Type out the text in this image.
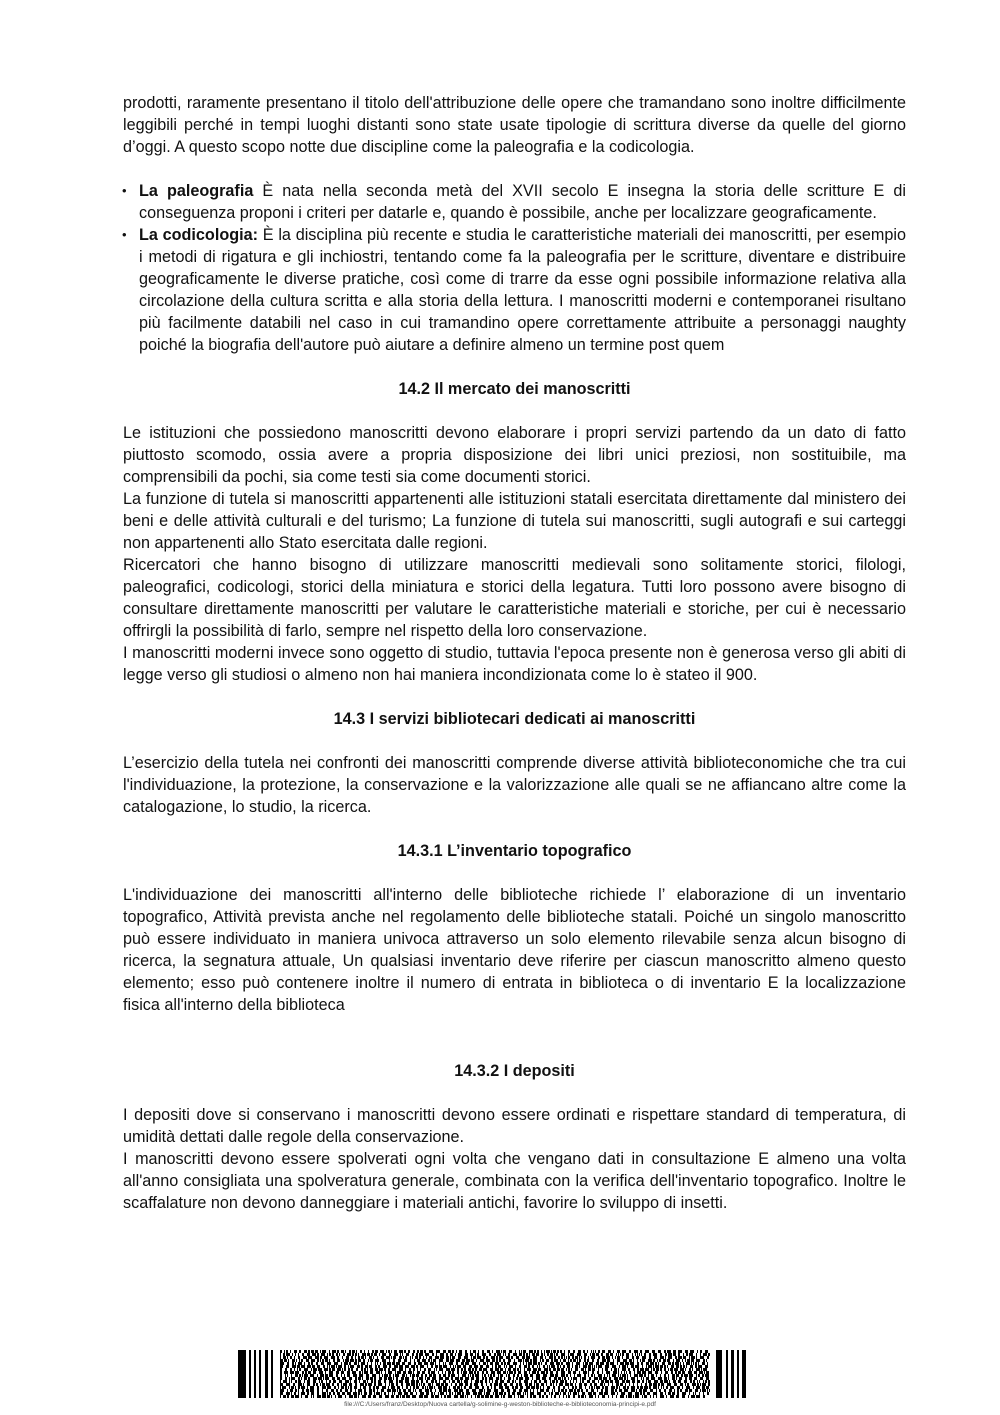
prodotti, raramente presentano il titolo dell'attribuzione delle opere che tramandano sono inoltre difficilmente leggibili perché in tempi luoghi distanti sono state usate tipologie di scrittura diverse da quelle del giorno d’oggi. A questo scopo notte due discipline come la paleografia e la codicologia.

• La paleografia È nata nella seconda metà del XVII secolo E insegna la storia delle scritture E di conseguenza proponi i criteri per datarle e, quando è possibile, anche per localizzare geograficamente.
• La codicologia: È la disciplina più recente e studia le caratteristiche materiali dei manoscritti, per esempio i metodi di rigatura e gli inchiostri, tentando come fa la paleografia per le scritture, diventare e distribuire geograficamente le diverse pratiche, così come di trarre da esse ogni possibile informazione relativa alla circolazione della cultura scritta e alla storia della lettura. I manoscritti moderni e contemporanei risultano più facilmente databili nel caso in cui tramandino opere correttamente attribuite a personaggi naughty poiché la biografia dell'autore può aiutare a definire almeno un termine post quem
14.2 Il mercato dei manoscritti

Le istituzioni che possiedono manoscritti devono elaborare i propri servizi partendo da un dato di fatto piuttosto scomodo, ossia avere a propria disposizione dei libri unici preziosi, non sostituibile, ma comprensibili da pochi, sia come testi sia come documenti storici.

La funzione di tutela si manoscritti appartenenti alle istituzioni statali esercitata direttamente dal ministero dei beni e delle attività culturali e del turismo; La funzione di tutela sui manoscritti, sugli autografi e sui carteggi non appartenenti allo Stato esercitata dalle regioni.

Ricercatori che hanno bisogno di utilizzare manoscritti medievali sono solitamente storici, filologi, paleografici, codicologi, storici della miniatura e storici della legatura. Tutti loro possono avere bisogno di consultare direttamente manoscritti per valutare le caratteristiche materiali e storiche, per cui è necessario offrirgli la possibilità di farlo, sempre nel rispetto della loro conservazione.

I manoscritti moderni invece sono oggetto di studio, tuttavia l'epoca presente non è generosa verso gli abiti di legge verso gli studiosi o almeno non hai maniera incondizionata come lo è stateo il 900.

14.3 I servizi bibliotecari dedicati ai manoscritti

L’esercizio della tutela nei confronti dei manoscritti comprende diverse attività biblioteconomiche che tra cui l'individuazione, la protezione, la conservazione e la valorizzazione alle quali se ne affiancano altre come la catalogazione, lo studio, la ricerca.

14.3.1 L’inventario topografico

L'individuazione dei manoscritti all'interno delle biblioteche richiede l’ elaborazione di un inventario topografico, Attività prevista anche nel regolamento delle biblioteche statali. Poiché un singolo manoscritto può essere individuato in maniera univoca attraverso un solo elemento rilevabile senza alcun bisogno di ricerca, la segnatura attuale, Un qualsiasi inventario deve riferire per ciascun manoscritto almeno questo elemento; esso può contenere inoltre il numero di entrata in biblioteca o di inventario E la localizzazione fisica all'interno della biblioteca

14.3.2 I depositi

I depositi dove si conservano i manoscritti devono essere ordinati e rispettare standard di temperatura, di umidità dettati dalle regole della conservazione.

I manoscritti devono essere spolverati ogni volta che vengano dati in consultazione E almeno una volta all'anno consigliata una spolveratura generale, combinata con la verifica dell'inventario topografico. Inoltre le scaffalature non devono danneggiare i materiali antichi, favorire lo sviluppo di insetti.

file:///C:/Users/franz/Desktop/Nuova cartella/g-solimine-g-weston-biblioteche-e-biblioteconomia-principi-e.pdf
